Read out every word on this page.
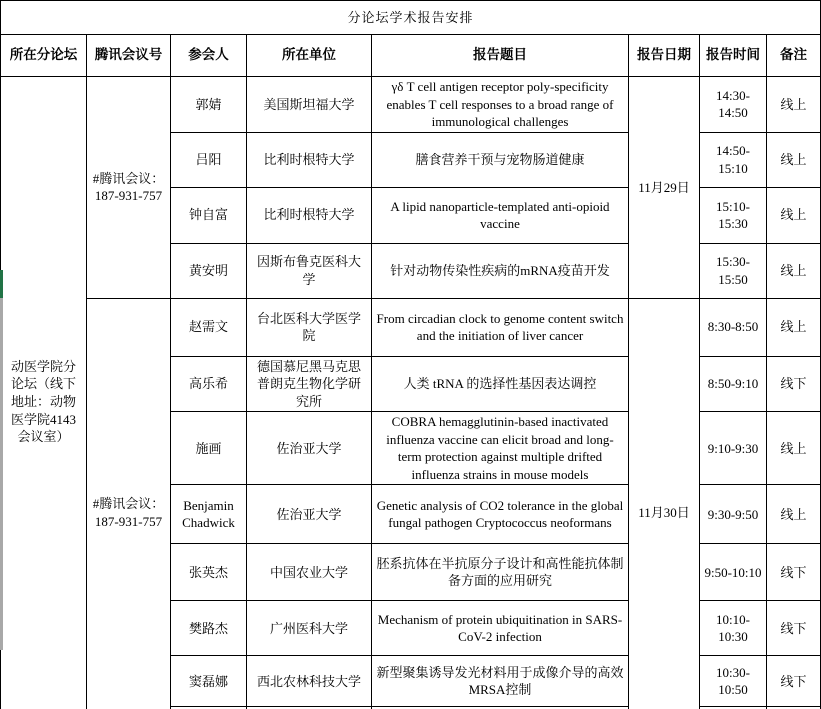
分论坛学术报告安排							
所在分论坛	腾讯会议号	参会人	所在单位	报告题目	报告日期	报告时间	备注
动医学院分论坛（线下地址：动物医学院4143会议室）	#腾讯会议：187-931-757	郭婧	美国斯坦福大学	γδ T cell antigen receptor poly-specificity enables T cell responses to a broad range of immunological challenges	11月29日	14:30-14:50	线上
		吕阳	比利时根特大学	膳食营养干预与宠物肠道健康		14:50-15:10	线上
		钟自富	比利时根特大学	A lipid nanoparticle-templated anti-opioid vaccine		15:10-15:30	线上
		黄安明	因斯布鲁克医科大学	针对动物传染性疾病的mRNA疫苗开发		15:30-15:50	线上
	#腾讯会议：187-931-757	赵需文	台北医科大学医学院	From circadian clock to genome content switch and the initiation of liver cancer	11月30日	8:30-8:50	线上
		高乐希	德国慕尼黑马克思普朗克生物化学研究所	人类 tRNA 的选择性基因表达调控		8:50-9:10	线下
		施画	佐治亚大学	COBRA hemagglutinin-based inactivated influenza vaccine can elicit broad and long-term protection against multiple drifted influenza strains in mouse models		9:10-9:30	线上
		Benjamin Chadwick	佐治亚大学	Genetic analysis of CO2 tolerance in the global fungal pathogen Cryptococcus neoformans		9:30-9:50	线上
		张英杰	中国农业大学	胚系抗体在半抗原分子设计和高性能抗体制备方面的应用研究		9:50-10:10	线下
		樊路杰	广州医科大学	Mechanism of protein ubiquitination in SARS-CoV-2 infection		10:10-10:30	线下
		窦磊娜	西北农林科技大学	新型聚集诱导发光材料用于成像介导的高效MRSA控制		10:30-10:50	线下
